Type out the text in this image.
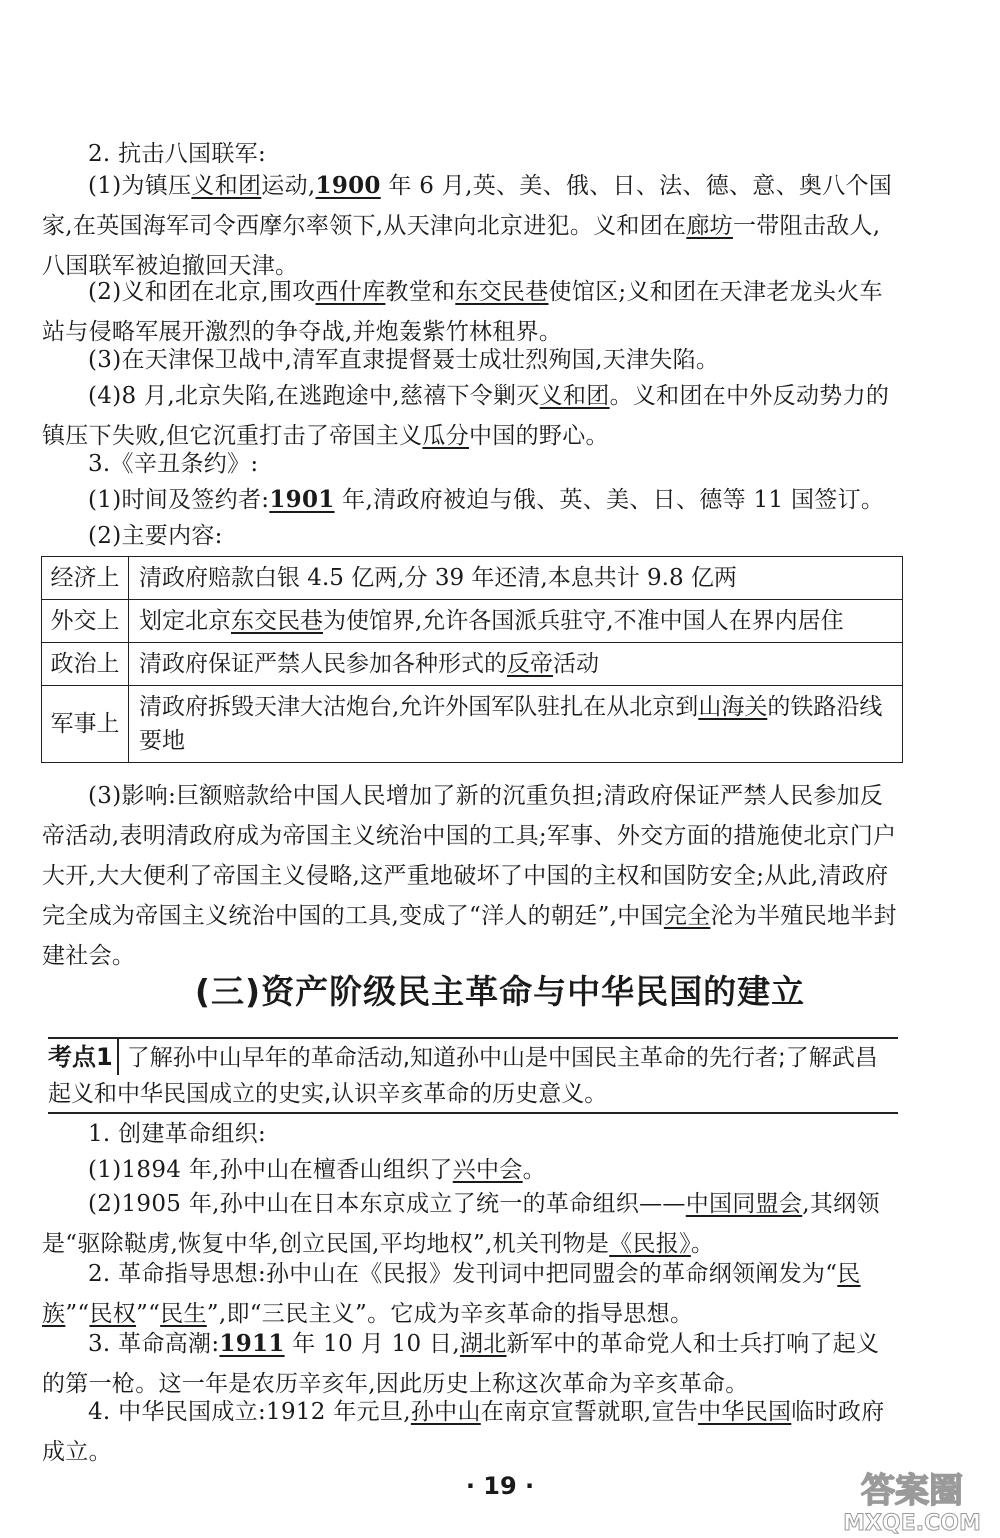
2. 抗击八国联军:

(1)为镇压义和团运动,1900 年 6 月,英、美、俄、日、法、德、意、奥八个国家,在英国海军司令西摩尔率领下,从天津向北京进犯。义和团在廊坊一带阻击敌人,八国联军被迫撤回天津。

(2)义和团在北京,围攻西什库教堂和东交民巷使馆区;义和团在天津老龙头火车站与侵略军展开激烈的争夺战,并炮轰紫竹林租界。

(3)在天津保卫战中,清军直隶提督聂士成壮烈殉国,天津失陷。

(4)8 月,北京失陷,在逃跑途中,慈禧下令剿灭义和团。义和团在中外反动势力的镇压下失败,但它沉重打击了帝国主义瓜分中国的野心。

3.《辛丑条约》:

(1)时间及签约者:1901 年,清政府被迫与俄、英、美、日、德等 11 国签订。

(2)主要内容:

经济上	清政府赔款白银 4.5 亿两,分 39 年还清,本息共计 9.8 亿两
外交上	划定北京东交民巷为使馆界,允许各国派兵驻守,不准中国人在界内居住
政治上	清政府保证严禁人民参加各种形式的反帝活动
军事上	清政府拆毁天津大沽炮台,允许外国军队驻扎在从北京到山海关的铁路沿线要地

(3)影响:巨额赔款给中国人民增加了新的沉重负担;清政府保证严禁人民参加反帝活动,表明清政府成为帝国主义统治中国的工具;军事、外交方面的措施使北京门户大开,大大便利了帝国主义侵略,这严重地破坏了中国的主权和国防安全;从此,清政府完全成为帝国主义统治中国的工具,变成了“洋人的朝廷”,中国完全沦为半殖民地半封建社会。

(三)资产阶级民主革命与中华民国的建立
考点1 了解孙中山早年的革命活动,知道孙中山是中国民主革命的先行者;了解武昌起义和中华民国成立的史实,认识辛亥革命的历史意义。

1. 创建革命组织:

(1)1894 年,孙中山在檀香山组织了兴中会。

(2)1905 年,孙中山在日本东京成立了统一的革命组织——中国同盟会,其纲领是“驱除鞑虏,恢复中华,创立民国,平均地权”,机关刊物是《民报》。

2. 革命指导思想:孙中山在《民报》发刊词中把同盟会的革命纲领阐发为“民族”“民权”“民生”,即“三民主义”。它成为辛亥革命的指导思想。

3. 革命高潮:1911 年 10 月 10 日,湖北新军中的革命党人和士兵打响了起义的第一枪。这一年是农历辛亥年,因此历史上称这次革命为辛亥革命。

4. 中华民国成立:1912 年元旦,孙中山在南京宣誓就职,宣告中华民国临时政府成立。

· 19 ·	答案圈
MXQE.COM
